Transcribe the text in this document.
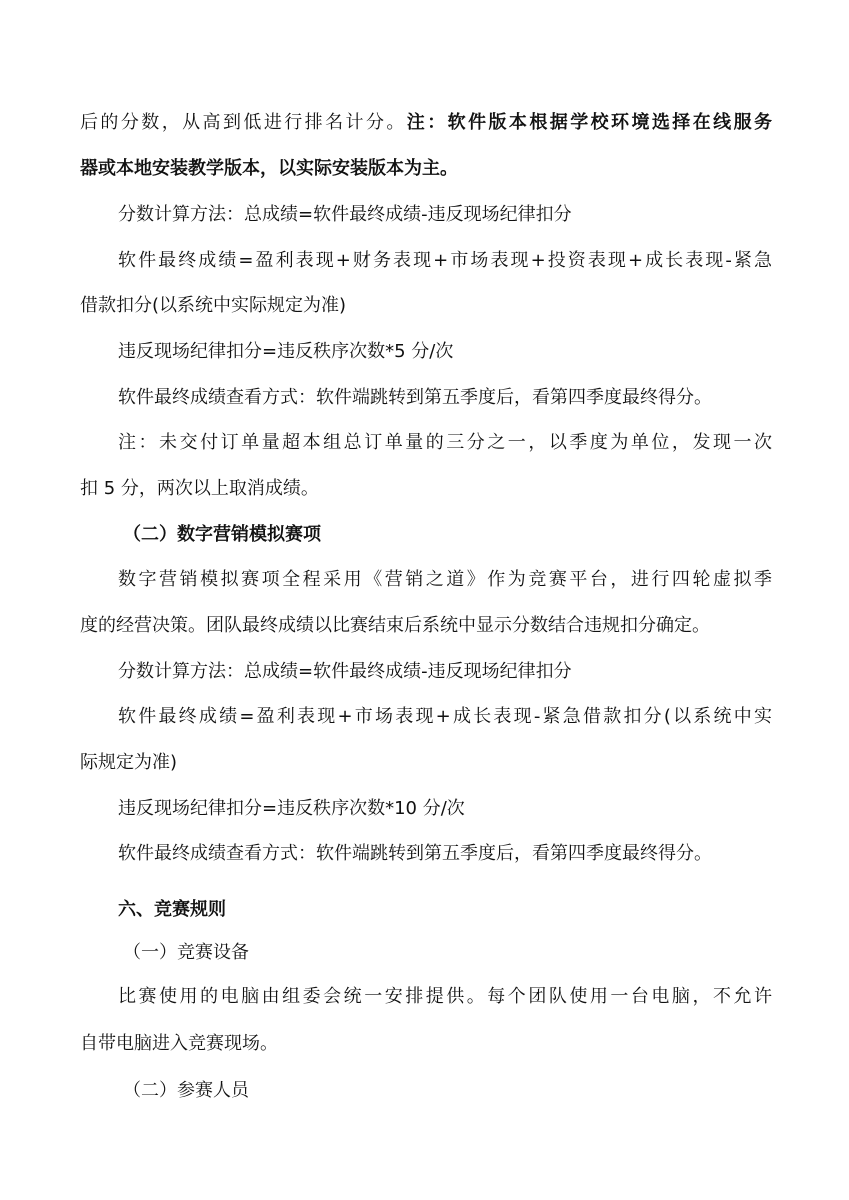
后的分数，从高到低进行排名计分。注：软件版本根据学校环境选择在线服务
器或本地安装教学版本，以实际安装版本为主。
分数计算方法：总成绩=软件最终成绩-违反现场纪律扣分
软件最终成绩=盈利表现+财务表现+市场表现+投资表现+成长表现-紧急
借款扣分(以系统中实际规定为准)
违反现场纪律扣分=违反秩序次数*5 分/次
软件最终成绩查看方式：软件端跳转到第五季度后，看第四季度最终得分。
注：未交付订单量超本组总订单量的三分之一，以季度为单位，发现一次
扣 5 分，两次以上取消成绩。
（二）数字营销模拟赛项
数字营销模拟赛项全程采用《营销之道》作为竞赛平台，进行四轮虚拟季
度的经营决策。团队最终成绩以比赛结束后系统中显示分数结合违规扣分确定。
分数计算方法：总成绩=软件最终成绩-违反现场纪律扣分
软件最终成绩=盈利表现+市场表现+成长表现-紧急借款扣分(以系统中实
际规定为准)
违反现场纪律扣分=违反秩序次数*10 分/次
软件最终成绩查看方式：软件端跳转到第五季度后，看第四季度最终得分。
六、竞赛规则
（一）竞赛设备
比赛使用的电脑由组委会统一安排提供。每个团队使用一台电脑，不允许
自带电脑进入竞赛现场。
（二）参赛人员
